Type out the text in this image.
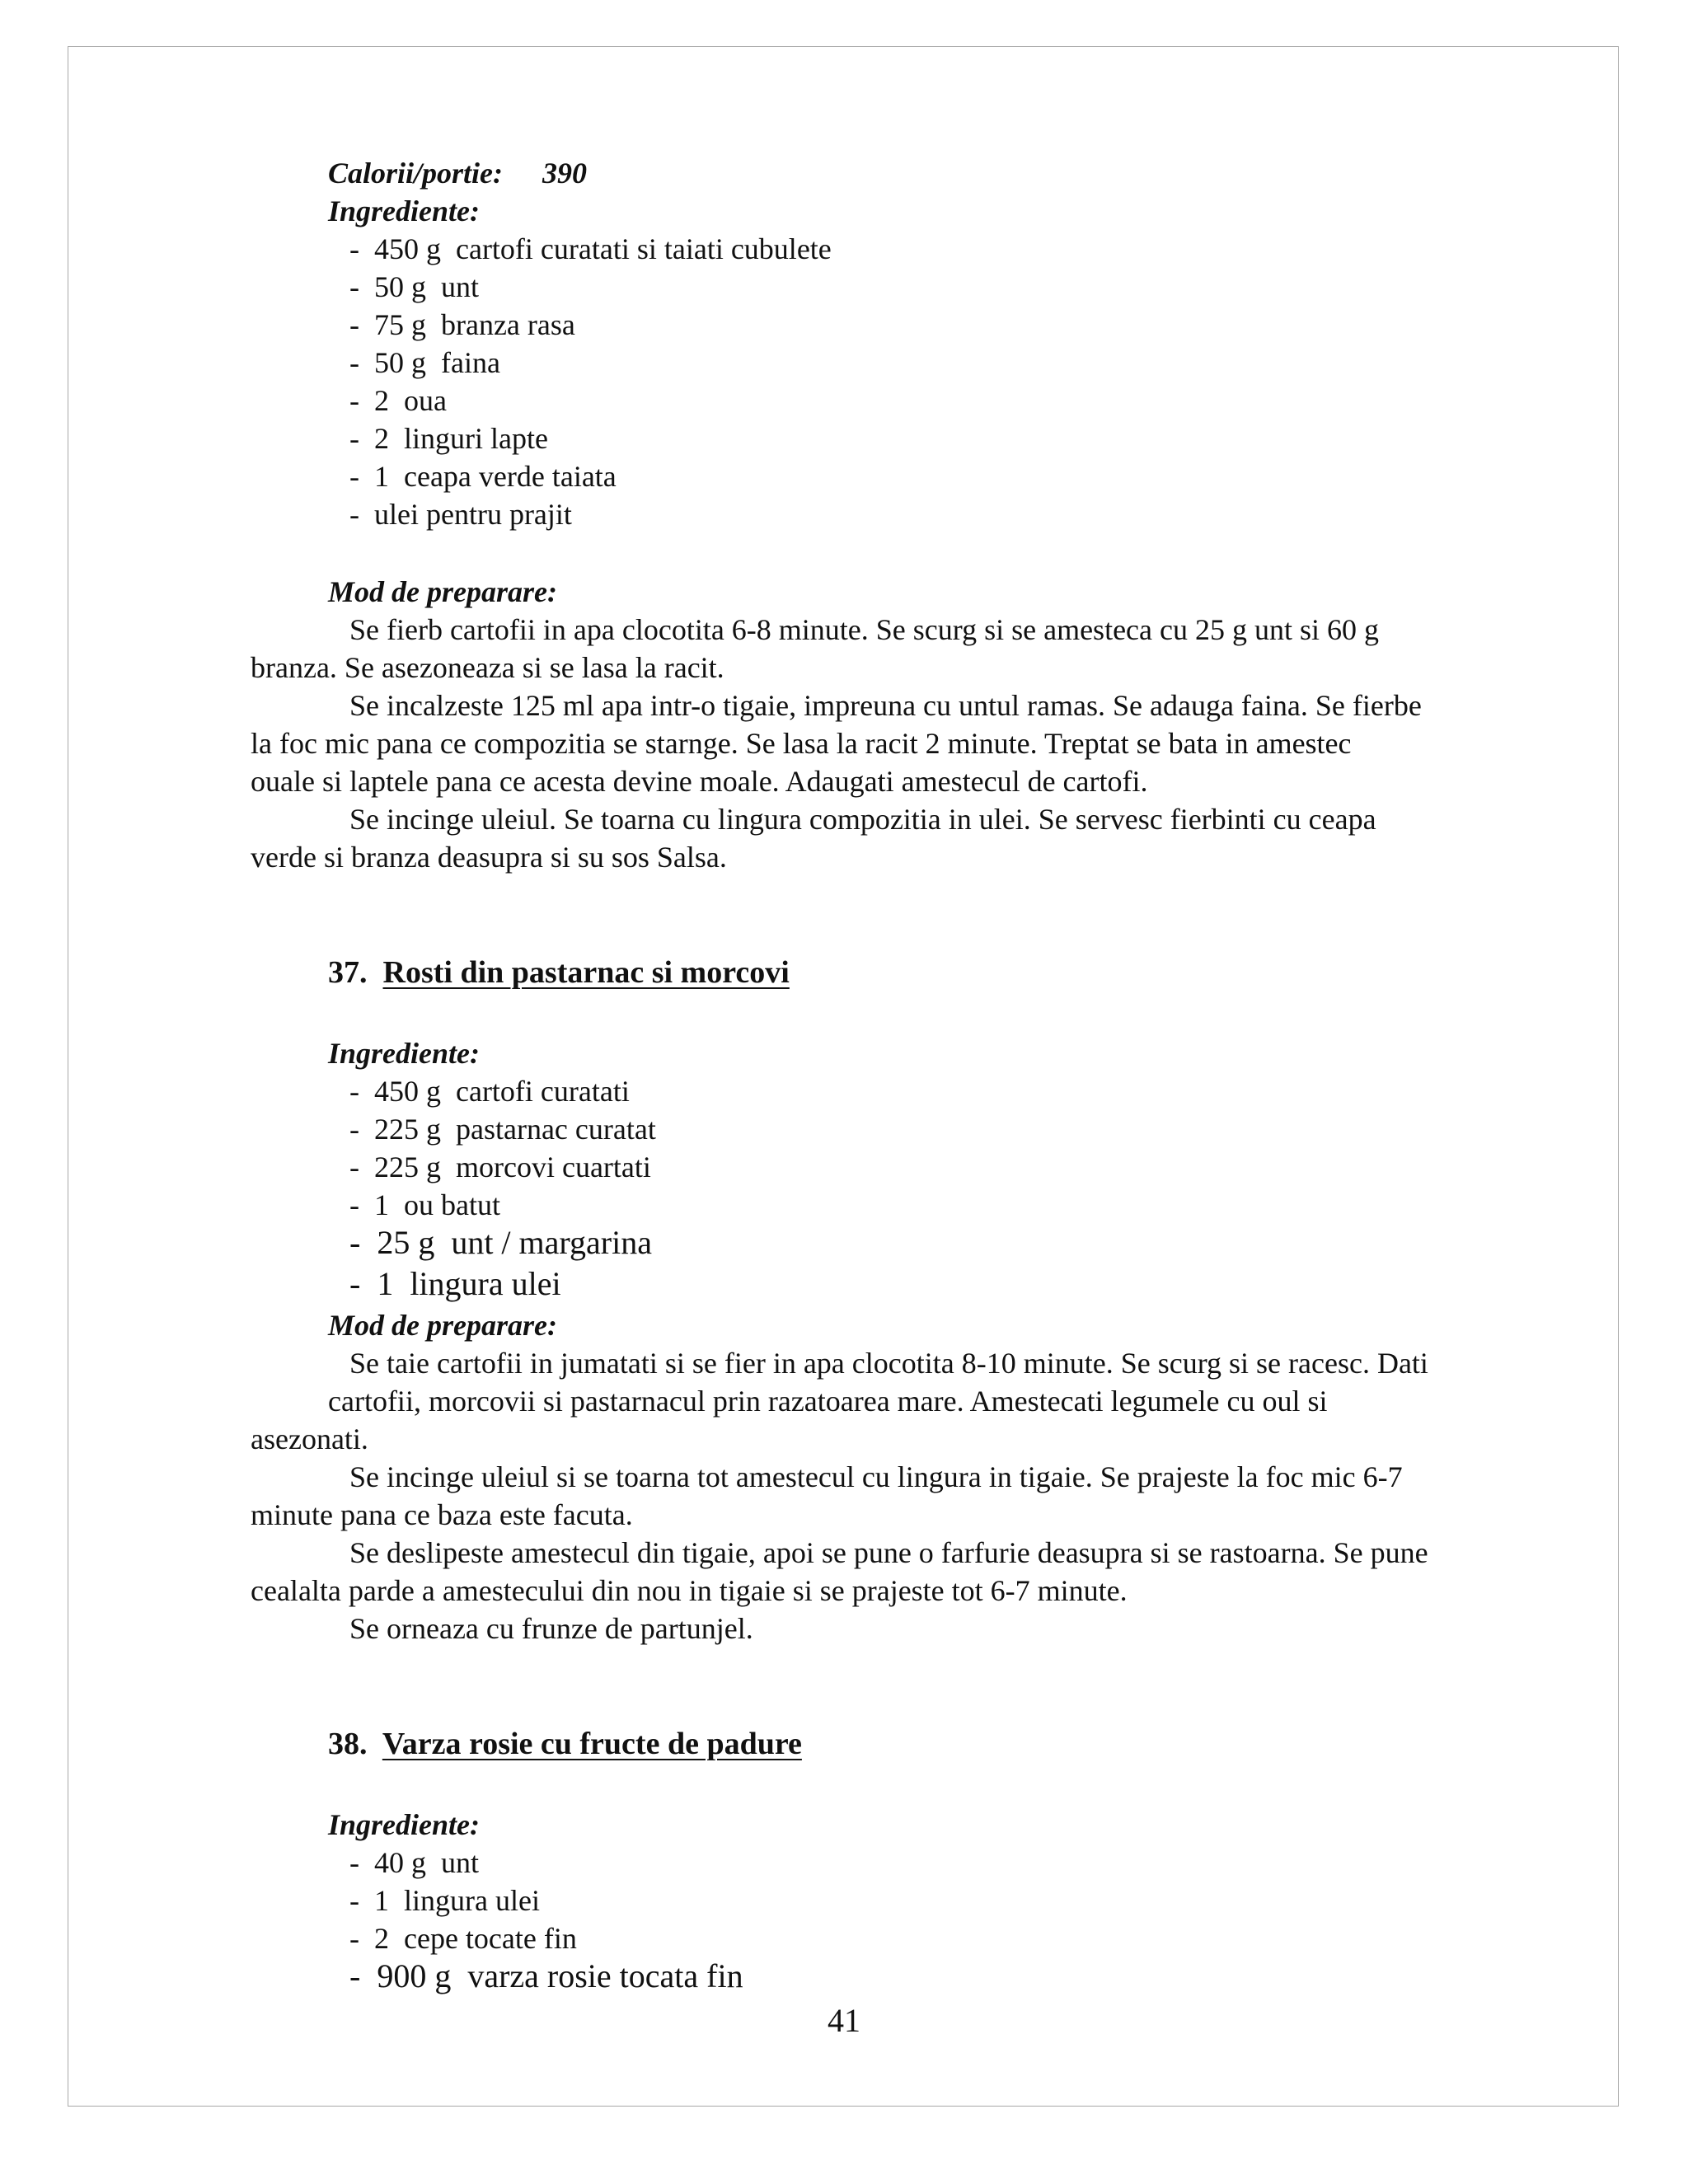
Calorii/portie: 390
Ingrediente:
-  450 g  cartofi curatati si taiati cubulete
-  50 g  unt
-  75 g  branza rasa
-  50 g  faina
-  2  oua
-  2  linguri lapte
-  1  ceapa verde taiata
-  ulei pentru prajit
Mod de preparare:
Se fierb cartofii in apa clocotita 6-8 minute. Se scurg si se amesteca cu 25 g unt si 60 g
branza. Se asezoneaza si se lasa la racit.
Se incalzeste 125 ml apa intr-o tigaie, impreuna cu untul ramas. Se adauga faina. Se fierbe
la foc mic pana ce compozitia se starnge. Se lasa la racit 2 minute. Treptat se bata in amestec
ouale si laptele pana ce acesta devine moale. Adaugati amestecul de cartofi.
Se incinge uleiul. Se toarna cu lingura compozitia in ulei. Se servesc fierbinti cu ceapa
verde si branza deasupra si su sos Salsa.
37. Rosti din pastarnac si morcovi
Ingrediente:
-  450 g  cartofi curatati
-  225 g  pastarnac curatat
-  225 g  morcovi cuartati
-  1  ou batut
-  25 g  unt / margarina
-  1  lingura ulei
Mod de preparare:
Se taie cartofii in jumatati si se fier in apa clocotita 8-10 minute. Se scurg si se racesc. Dati
cartofii, morcovii si pastarnacul prin razatoarea mare. Amestecati legumele cu oul si
asezonati.
Se incinge uleiul si se toarna tot amestecul cu lingura in tigaie. Se prajeste la foc mic 6-7
minute pana ce baza este facuta.
Se deslipeste amestecul din tigaie, apoi se pune o farfurie deasupra si se rastoarna. Se pune
cealalta parde a amestecului din nou in tigaie si se prajeste tot 6-7 minute.
Se orneaza cu frunze de partunjel.
38. Varza rosie cu fructe de padure
Ingrediente:
-  40 g  unt
-  1  lingura ulei
-  2  cepe tocate fin
-  900 g  varza rosie tocata fin
41
